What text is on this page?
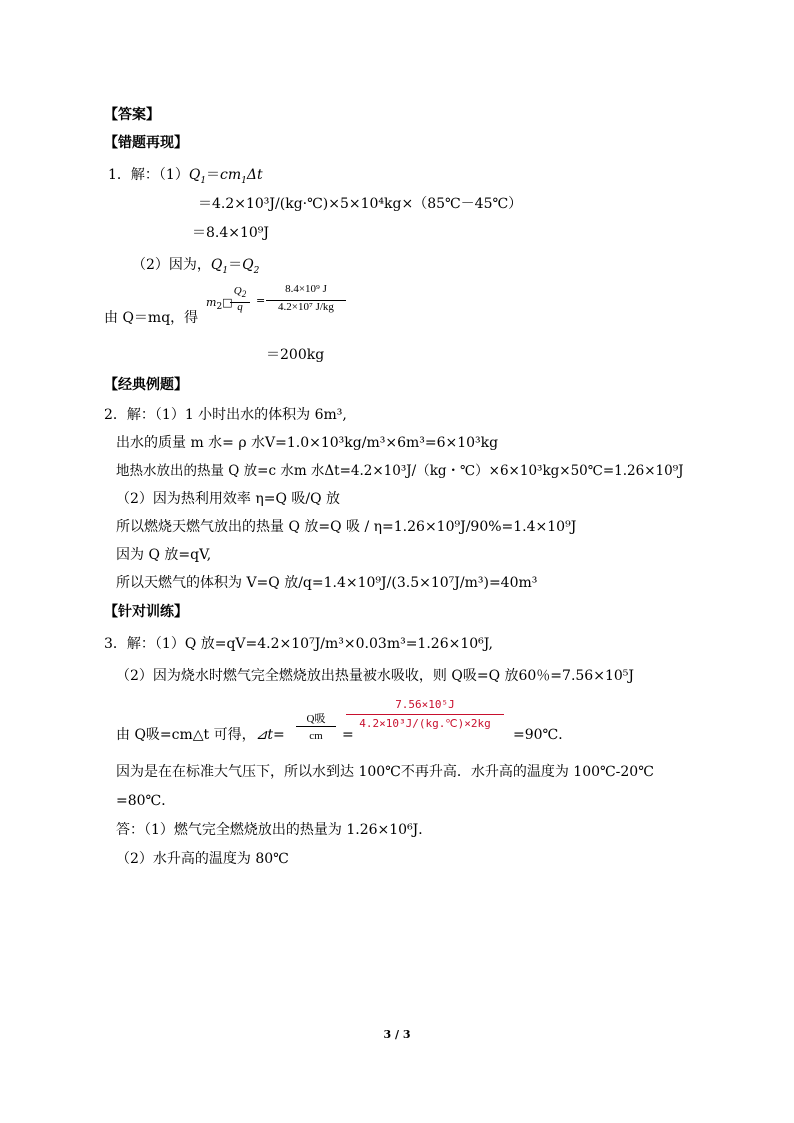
【答案】
【错题再现】
1．解：$(1)Q_1=cm_1\Delta t$
＝4.2×10³J/(kg·℃)×5×10⁴kg×（85℃－45℃）
＝8.4×10⁹J
（2）因为，$Q_1=Q_2$
$m_2□$
$Q_2$
q	=
8.4×10⁹ J
4.2×10⁷ J/kg
由 Q＝mq，得
＝200kg
【经典例题】
2．解：（1）1 小时出水的体积为 6m³,
出水的质量 m 水= ρ 水V=1.0×10³kg/m³×6m³=6×10³kg
地热水放出的热量 Q 放=c 水m 水Δt=4.2×10³J/（kg・℃）×6×10³kg×50℃=1.26×10⁹J
（2）因为热利用效率 η=Q 吸/Q 放
所以燃烧天燃气放出的热量 Q 放=Q 吸 / η=1.26×10⁹J/90%=1.4×10⁹J
因为 Q 放=qV,
所以天燃气的体积为 V=Q 放/q=1.4×10⁹J/(3.5×10⁷J/m³)=40m³
【针对训练】
3．解：（1）Q 放=qV=4.2×10⁷J/m³×0.03m³=1.26×10⁶J,
（2）因为烧水时燃气完全燃烧放出热量被水吸收，则 Q吸=Q 放60％=7.56×10⁵J
由 Q吸=cm△t 可得，⊿t=
Q吸
cm	=
7.56×10⁵J
4.2×10³J/(kg.℃)×2kg
=90℃．
因为是在在标准大气压下，所以水到达 100℃不再升高．水升高的温度为 100℃-20℃
=80℃．
答：（1）燃气完全燃烧放出的热量为 1.26×10⁶J．
（2）水升高的温度为 80℃
3 / 3
